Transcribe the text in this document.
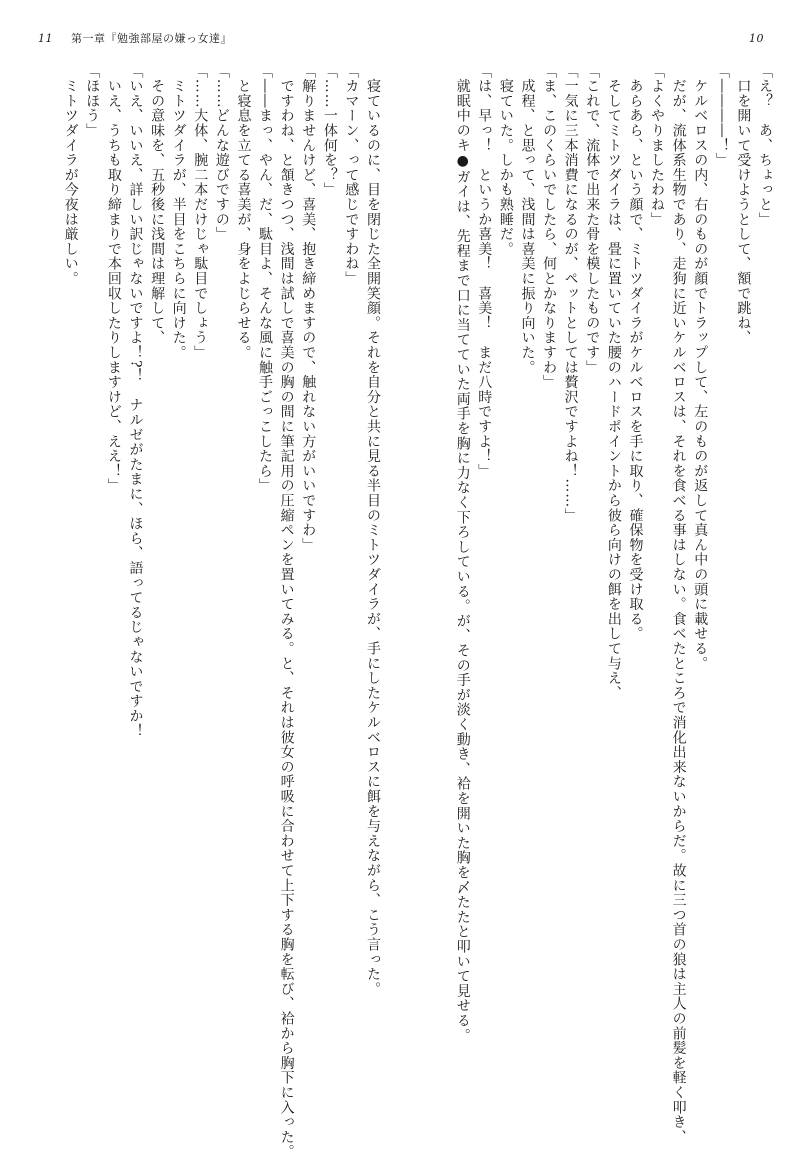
11 第一章『勉強部屋の嫌っ女達』	10
「え？　あ、ちょっと」
　口を開いて受けようとして、額で跳ね、
「――――！」
　ケルベロスの内、右のものが顔でトラップして、左のものが返して真ん中の頭に載せる。
　だが、流体系生物であり、走狗に近いケルベロスは、それを食べる事はしない。食べたところで消化出来ないからだ。故に三つ首の狼は主人の前髪を軽く叩き、
「よくやりましたわね」
　あらあら、という顔で、ミトツダイラがケルベロスを手に取り、確保物を受け取る。
　そしてミトツダイラは、畳に置いていた腰のハードポイントから彼ら向けの餌を出して与え、
「これで、流体で出来た骨を模したものです」
「一気に三本消費になるのが、ペットとしては贅沢ですよね！……」
「ま、このくらいでしたら、何とかなりますわ」
　成程、と思って、浅間は喜美に振り向いた。
　寝ていた。しかも熟睡だ。
「は、早っ！　というか喜美！　喜美！　まだ八時ですよ！」
　就眠中のキ●ガイは、先程まで口に当てていた両手を胸に力なく下ろしている。が、その手が淡く動き、袷を開いた胸を〆たたと叩いて見せる。
　寝ているのに、目を閉じた全開笑顔。それを自分と共に見る半目のミトツダイラが、手にしたケルベロスに餌を与えながら、こう言った。
「カマーン、って感じですわね」
「……一体何を？」
「解りませんけど、喜美、抱き締めますので、触れない方がいいですわ」
　ですわね、と頷きつつ、浅間は試しで喜美の胸の間に筆記用の圧縮ペンを置いてみる。と、それは彼女の呼吸に合わせて上下する胸を転び、袷から胸下に入った。
「――まっ、やん、だ、駄目よ、そんな風に触手ごっこしたら」
　と寝息を立てる喜美が、身をよじらせる。
「……どんな遊びですの」
「……大体、腕二本だけじゃ駄目でしょう」
　ミトツダイラが、半目をこちらに向けた。
　その意味を、五秒後に浅間は理解して、
「いえ、いいえ、詳しい訳じゃないですよ！?！　ナルゼがたまに、ほら、語ってるじゃないですか！
　いえ、うちも取り締まりで本回収したりしますけど、ええ！」
「ほほう」
　ミトツダイラが今夜は厳しい。
